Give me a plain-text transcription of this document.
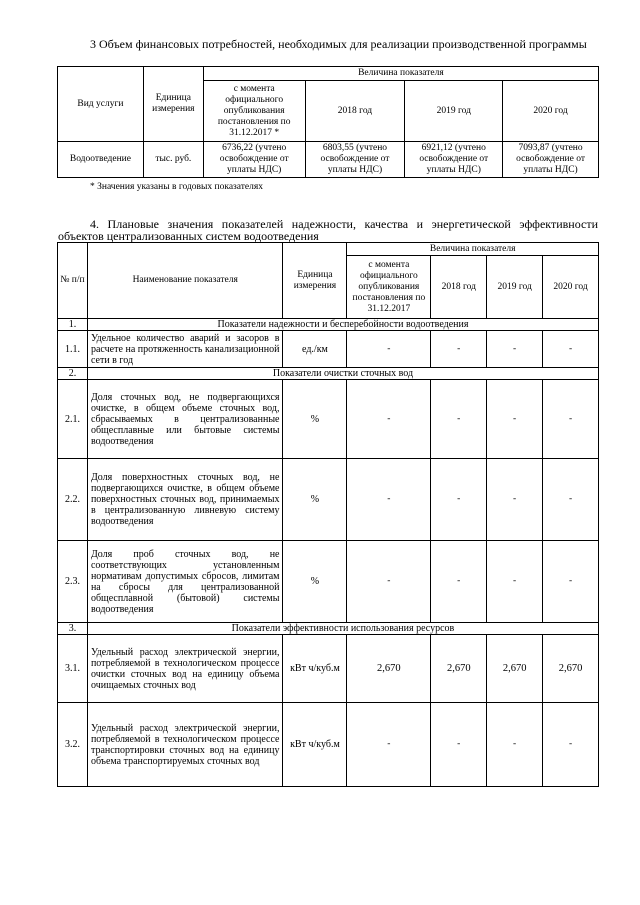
3 Объем финансовых потребностей, необходимых для реализации производственной программы
Вид услуги	Единица измерения	Величина показателя			
		с момента официального опубликования постановления по 31.12.2017 *	2018 год	2019 год	2020 год
Водоотведение	тыс. руб.	6736,22 (учтено освобождение от уплаты НДС)	6803,55 (учтено освобождение от уплаты НДС)	6921,12 (учтено освобождение от уплаты НДС)	7093,87 (учтено освобождение от уплаты НДС)
* Значения указаны в годовых показателях
4. Плановые значения показателей надежности, качества и энергетической эффективности объектов централизованных систем водоотведения
№ п/п	Наименование показателя	Единица измерения	Величина показателя			
			с момента официального опубликования постановления по 31.12.2017	2018 год	2019 год	2020 год
1.	Показатели надежности и бесперебойности водоотведения					
1.1.	Удельное количество аварий и засоров в расчете на протяженность канализационной сети в год	ед./км	-	-	-	-
2.	Показатели очистки сточных вод					
2.1.	Доля сточных вод, не подвергающихся очистке, в общем объеме сточных вод, сбрасываемых в централизованные общесплавные или бытовые системы водоотведения	%	-	-	-	-
2.2.	Доля поверхностных сточных вод, не подвергающихся очистке, в общем объеме поверхностных сточных вод, принимаемых в централизованную ливневую систему водоотведения	%	-	-	-	-
2.3.	Доля проб сточных вод, не соответствующих установленным нормативам допустимых сбросов, лимитам на сбросы для централизованной общесплавной (бытовой) системы водоотведения	%	-	-	-	-
3.	Показатели эффективности использования ресурсов					
3.1.	Удельный расход электрической энергии, потребляемой в технологическом процессе очистки сточных вод на единицу объема очищаемых сточных вод	кВт ч/куб.м	2,670	2,670	2,670	2,670
3.2.	Удельный расход электрической энергии, потребляемой в технологическом процессе транспортировки сточных вод на единицу объема транспортируемых сточных вод	кВт ч/куб.м	-	-	-	-
